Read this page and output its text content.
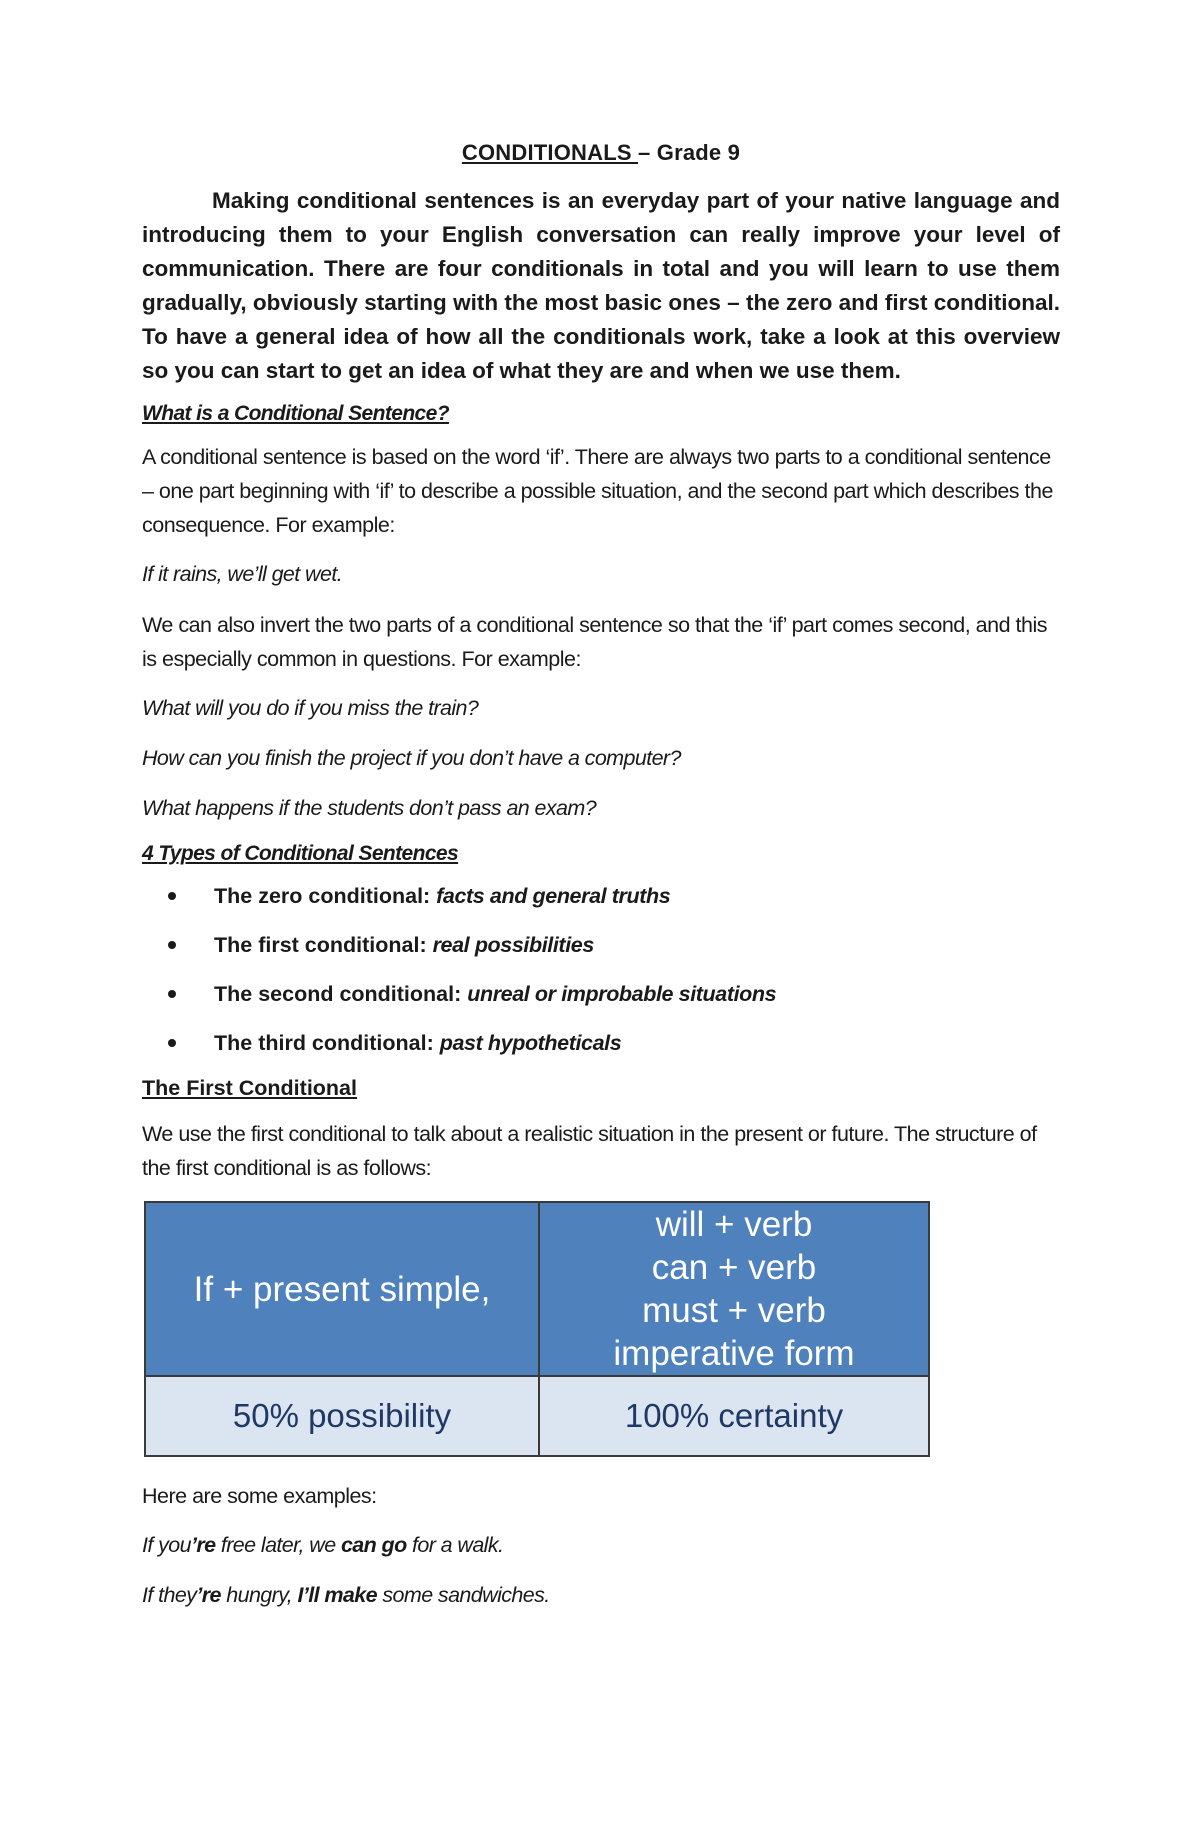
CONDITIONALS – Grade 9

Making conditional sentences is an everyday part of your native language and introducing them to your English conversation can really improve your level of communication. There are four conditionals in total and you will learn to use them gradually, obviously starting with the most basic ones – the zero and first conditional. To have a general idea of how all the conditionals work, take a look at this overview so you can start to get an idea of what they are and when we use them.

What is a Conditional Sentence?

A conditional sentence is based on the word ‘if’. There are always two parts to a conditional sentence – one part beginning with ‘if’ to describe a possible situation, and the second part which describes the consequence. For example:

If it rains, we’ll get wet.

We can also invert the two parts of a conditional sentence so that the ‘if’ part comes second, and this is especially common in questions. For example:

What will you do if you miss the train?

How can you finish the project if you don’t have a computer?

What happens if the students don’t pass an exam?

4 Types of Conditional Sentences

The zero conditional: facts and general truths
The first conditional: real possibilities
The second conditional: unreal or improbable situations
The third conditional: past hypotheticals

The First Conditional

We use the first conditional to talk about a realistic situation in the present or future. The structure of the first conditional is as follows:

If + present simple,	will + verb
can + verb
must + verb
imperative form

50% possibility	100% certainty

Here are some examples:

If you’re free later, we can go for a walk.

If they’re hungry, I’ll make some sandwiches.
